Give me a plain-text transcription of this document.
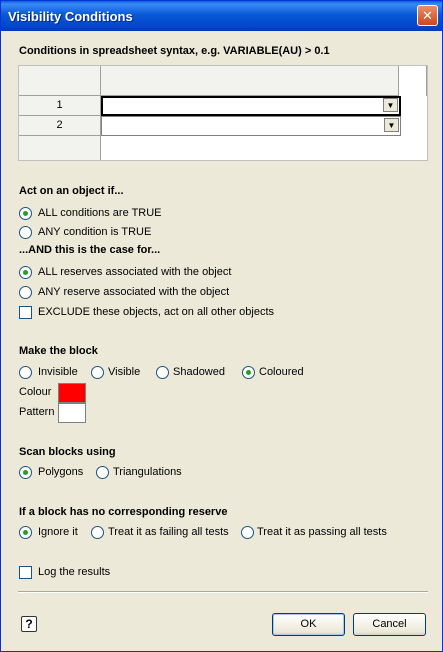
Visibility Conditions	✕
Conditions in spreadsheet syntax, e.g. VARIABLE(AU) > 0.1
1	▼
2	▼
Act on an object if...
ALL conditions are TRUE
ANY condition is TRUE
...AND this is the case for...
ALL reserves associated with the object
ANY reserve associated with the object
EXCLUDE these objects, act on all other objects
Make the block
Invisible	Visible	Shadowed	Coloured
Colour
Pattern
Scan blocks using
Polygons	Triangulations
If a block has no corresponding reserve
Ignore it	Treat it as failing all tests	Treat it as passing all tests
Log the results
?	OK	Cancel
